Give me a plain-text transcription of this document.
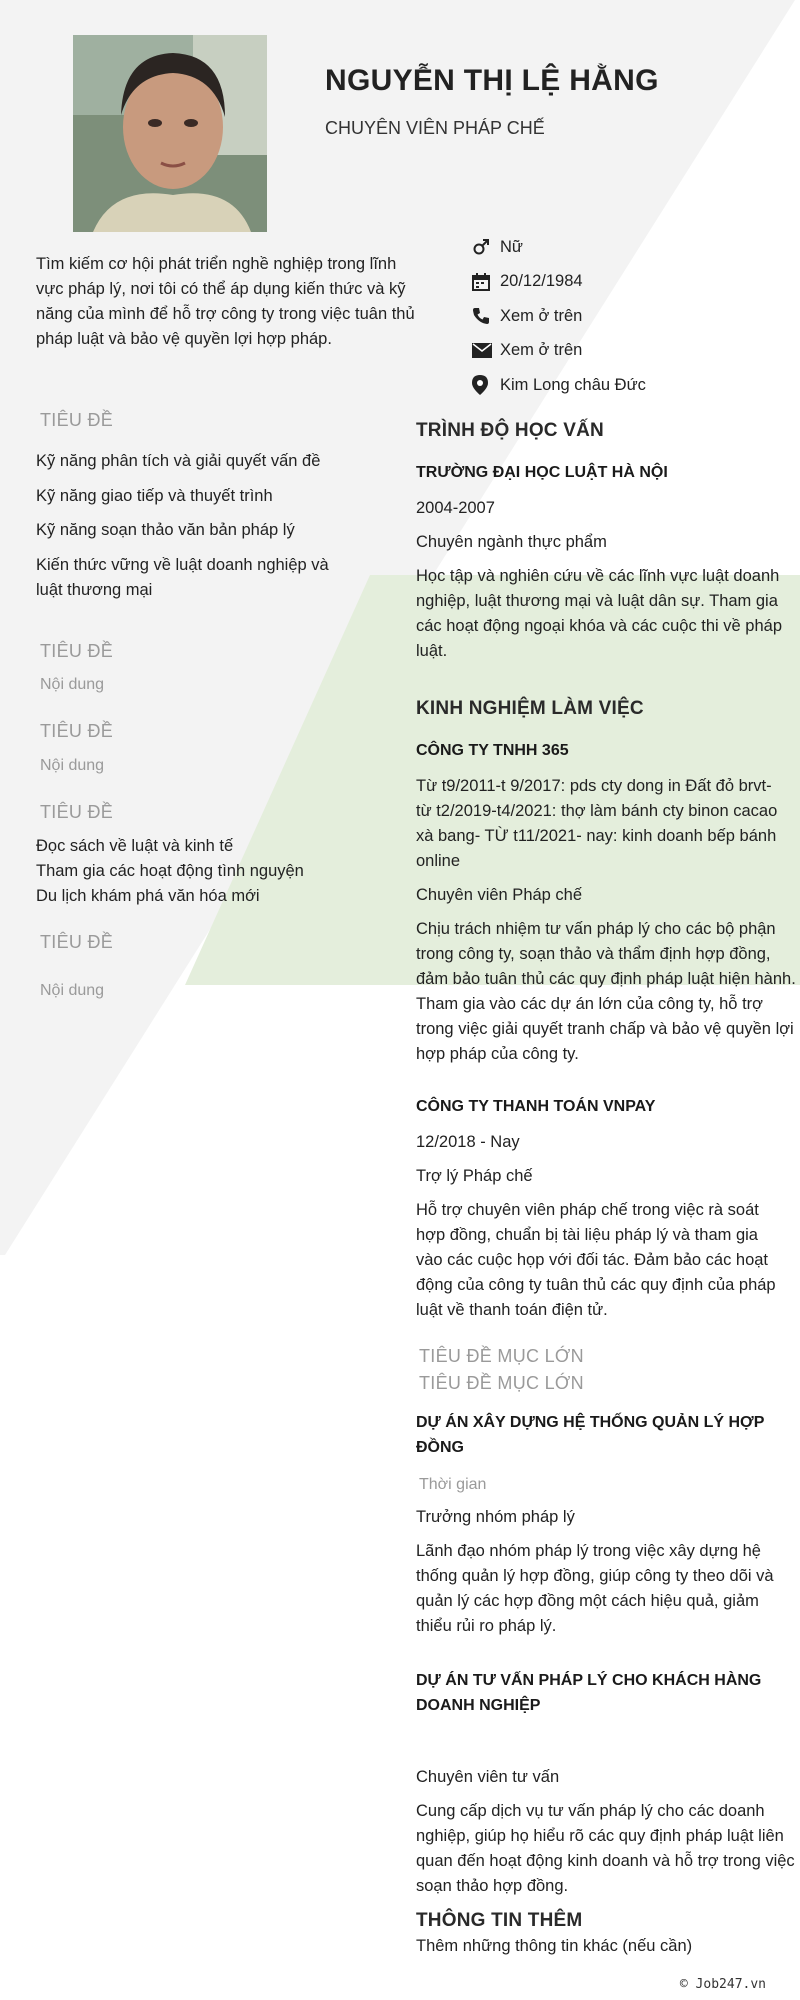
NGUYỄN THỊ LỆ HẰNG
CHUYÊN VIÊN PHÁP CHẾ
Tìm kiếm cơ hội phát triển nghề nghiệp trong lĩnh vực pháp lý, nơi tôi có thể áp dụng kiến thức và kỹ năng của mình để hỗ trợ công ty trong việc tuân thủ pháp luật và bảo vệ quyền lợi hợp pháp.
Nữ
20/12/1984
Xem ở trên
Xem ở trên
Kim Long châu Đức
TIÊU ĐỀ
Kỹ năng phân tích và giải quyết vấn đề
Kỹ năng giao tiếp và thuyết trình
Kỹ năng soạn thảo văn bản pháp lý
Kiến thức vững về luật doanh nghiệp và luật thương mại
TIÊU ĐỀ
Nội dung
TIÊU ĐỀ
Nội dung
TIÊU ĐỀ
Đọc sách về luật và kinh tế
Tham gia các hoạt động tình nguyện
Du lịch khám phá văn hóa mới
TIÊU ĐỀ
Nội dung
TRÌNH ĐỘ HỌC VẤN
TRƯỜNG ĐẠI HỌC LUẬT HÀ NỘI
2004-2007
Chuyên ngành thực phẩm
Học tập và nghiên cứu về các lĩnh vực luật doanh nghiệp, luật thương mại và luật dân sự. Tham gia các hoạt động ngoại khóa và các cuộc thi về pháp luật.
KINH NGHIỆM LÀM VIỆC
CÔNG TY TNHH 365
Từ t9/2011-t 9/2017: pds cty dong in Đất đỏ brvt-từ t2/2019-t4/2021: thợ làm bánh cty binon cacao xà bang- TỪ t11/2021- nay: kinh doanh bếp bánh online
Chuyên viên Pháp chế
Chịu trách nhiệm tư vấn pháp lý cho các bộ phận trong công ty, soạn thảo và thẩm định hợp đồng, đảm bảo tuân thủ các quy định pháp luật hiện hành. Tham gia vào các dự án lớn của công ty, hỗ trợ trong việc giải quyết tranh chấp và bảo vệ quyền lợi hợp pháp của công ty.
CÔNG TY THANH TOÁN VNPAY
12/2018 - Nay
Trợ lý Pháp chế
Hỗ trợ chuyên viên pháp chế trong việc rà soát hợp đồng, chuẩn bị tài liệu pháp lý và tham gia vào các cuộc họp với đối tác. Đảm bảo các hoạt động của công ty tuân thủ các quy định của pháp luật về thanh toán điện tử.
TIÊU ĐỀ MỤC LỚN
TIÊU ĐỀ MỤC LỚN
DỰ ÁN XÂY DỰNG HỆ THỐNG QUẢN LÝ HỢP ĐỒNG
Thời gian
Trưởng nhóm pháp lý
Lãnh đạo nhóm pháp lý trong việc xây dựng hệ thống quản lý hợp đồng, giúp công ty theo dõi và quản lý các hợp đồng một cách hiệu quả, giảm thiểu rủi ro pháp lý.
DỰ ÁN TƯ VẤN PHÁP LÝ CHO KHÁCH HÀNG DOANH NGHIỆP
Chuyên viên tư vấn
Cung cấp dịch vụ tư vấn pháp lý cho các doanh nghiệp, giúp họ hiểu rõ các quy định pháp luật liên quan đến hoạt động kinh doanh và hỗ trợ trong việc soạn thảo hợp đồng.
THÔNG TIN THÊM
Thêm những thông tin khác (nếu cần)
© Job247.vn
